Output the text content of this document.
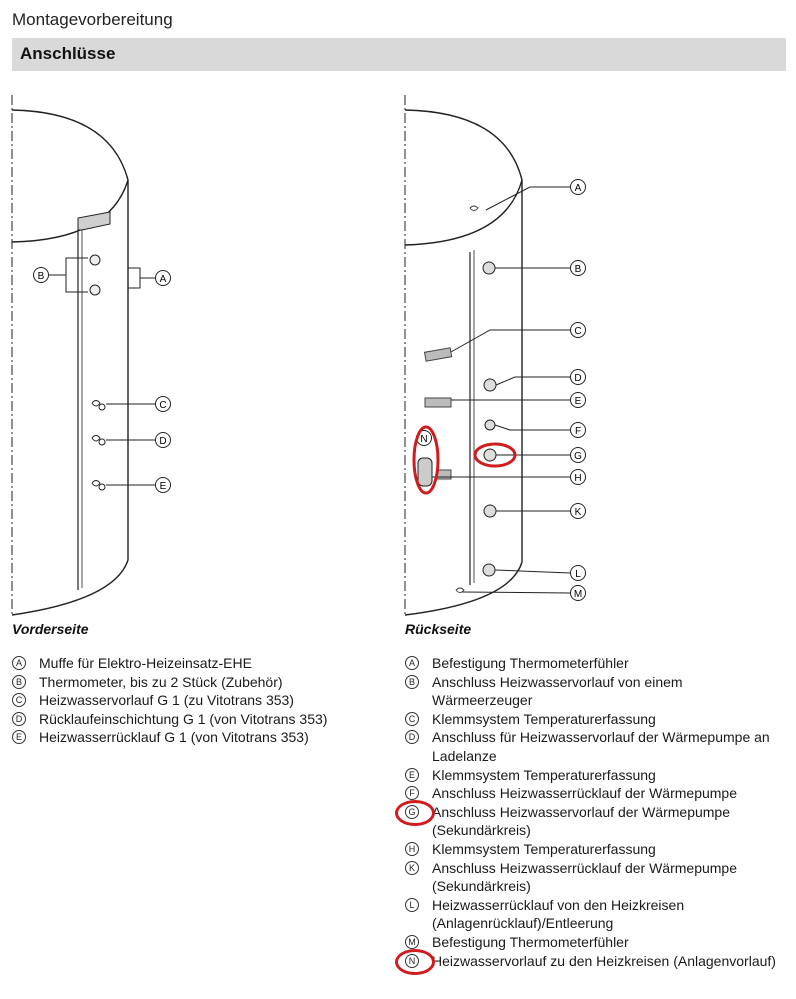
Montagevorbereitung
Anschlüsse
B	A
C
D
E
A
B
C
D
E
F
G
H
K
L
M
N
Vorderseite	Rückseite
A Muffe für Elektro-Heizeinsatz-EHE
B Thermometer, bis zu 2 Stück (Zubehör)
C Heizwasservorlauf G 1 (zu Vitotrans 353)
D Rücklaufeinschichtung G 1 (von Vitotrans 353)
E Heizwasserrücklauf G 1 (von Vitotrans 353)
A Befestigung Thermometerfühler
B Anschluss Heizwasservorlauf von einem Wärmeerzeuger
C Klemmsystem Temperaturerfassung
D Anschluss für Heizwasservorlauf der Wärmepumpe an Ladelanze
E Klemmsystem Temperaturerfassung
F	Anschluss Heizwasserrücklauf der Wärmepumpe
G Anschluss Heizwasservorlauf der Wärmepumpe (Sekundärkreis)
H Klemmsystem Temperaturerfassung
K Anschluss Heizwasserrücklauf der Wärmepumpe (Sekundärkreis)
L	Heizwasserrücklauf von den Heizkreisen (Anlagenrücklauf)/Entleerung
M Befestigung Thermometerfühler
N Heizwasservorlauf zu den Heizkreisen (Anlagenvorlauf)
